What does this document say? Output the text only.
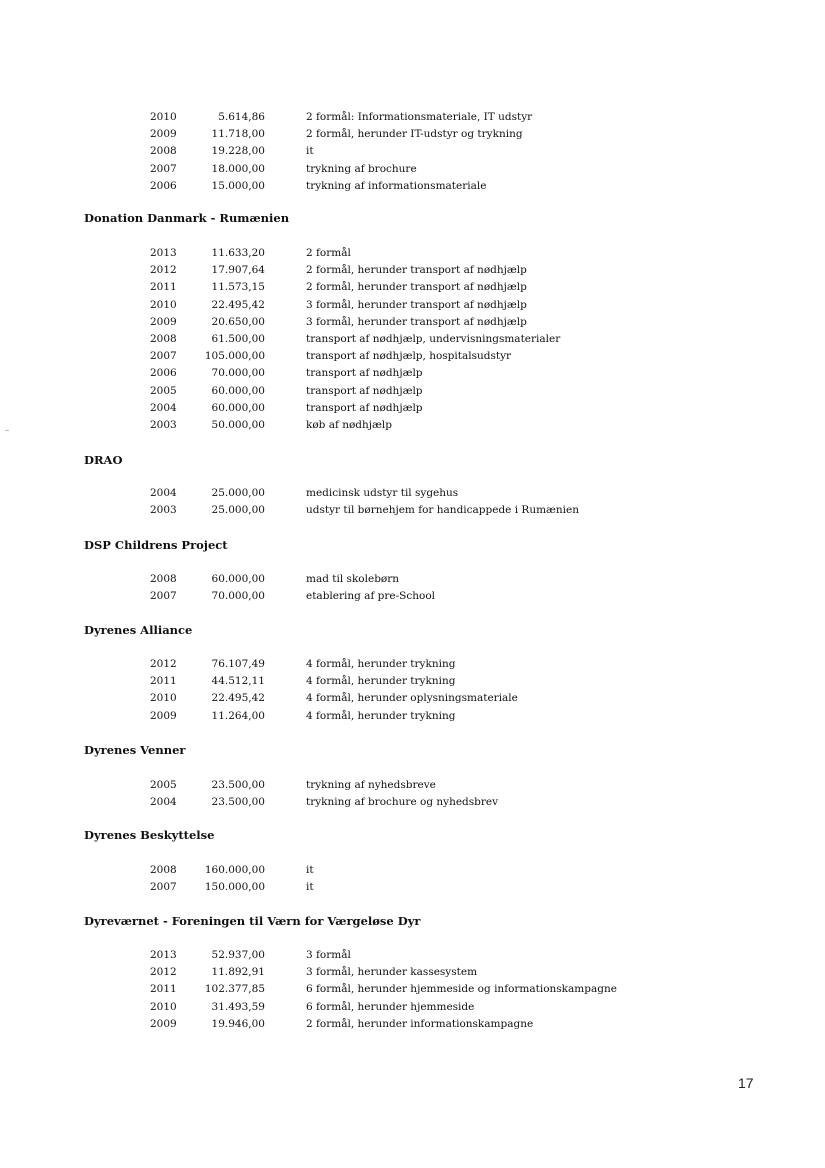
2010	5.614,86	2 formål: Informationsmateriale, IT udstyr
2009	11.718,00	2 formål, herunder IT-udstyr og trykning
2008	19.228,00	it
2007	18.000,00	trykning af brochure
2006	15.000,00	trykning af informationsmateriale
Donation Danmark - Rumænien
2013	11.633,20	2 formål
2012	17.907,64	2 formål, herunder transport af nødhjælp
2011	11.573,15	2 formål, herunder transport af nødhjælp
2010	22.495,42	3 formål, herunder transport af nødhjælp
2009	20.650,00	3 formål, herunder transport af nødhjælp
2008	61.500,00	transport af nødhjælp, undervisningsmaterialer
2007	105.000,00	transport af nødhjælp, hospitalsudstyr
2006	70.000,00	transport af nødhjælp
2005	60.000,00	transport af nødhjælp
2004	60.000,00	transport af nødhjælp
2003	50.000,00	køb af nødhjælp
DRAO
2004	25.000,00	medicinsk udstyr til sygehus
2003	25.000,00	udstyr til børnehjem for handicappede i Rumænien
DSP Childrens Project
2008	60.000,00	mad til skolebørn
2007	70.000,00	etablering af pre-School
Dyrenes Alliance
2012	76.107,49	4 formål, herunder trykning
2011	44.512,11	4 formål, herunder trykning
2010	22.495,42	4 formål, herunder oplysningsmateriale
2009	11.264,00	4 formål, herunder trykning
Dyrenes Venner
2005	23.500,00	trykning af nyhedsbreve
2004	23.500,00	trykning af brochure og nyhedsbrev
Dyrenes Beskyttelse
2008	160.000,00	it
2007	150.000,00	it
Dyreværnet - Foreningen til Værn for Værgeløse Dyr
2013	52.937,00	3 formål
2012	11.892,91	3 formål, herunder kassesystem
2011	102.377,85	6 formål, herunder hjemmeside og informationskampagne
2010	31.493,59	6 formål, herunder hjemmeside
2009	19.946,00	2 formål, herunder informationskampagne
17
